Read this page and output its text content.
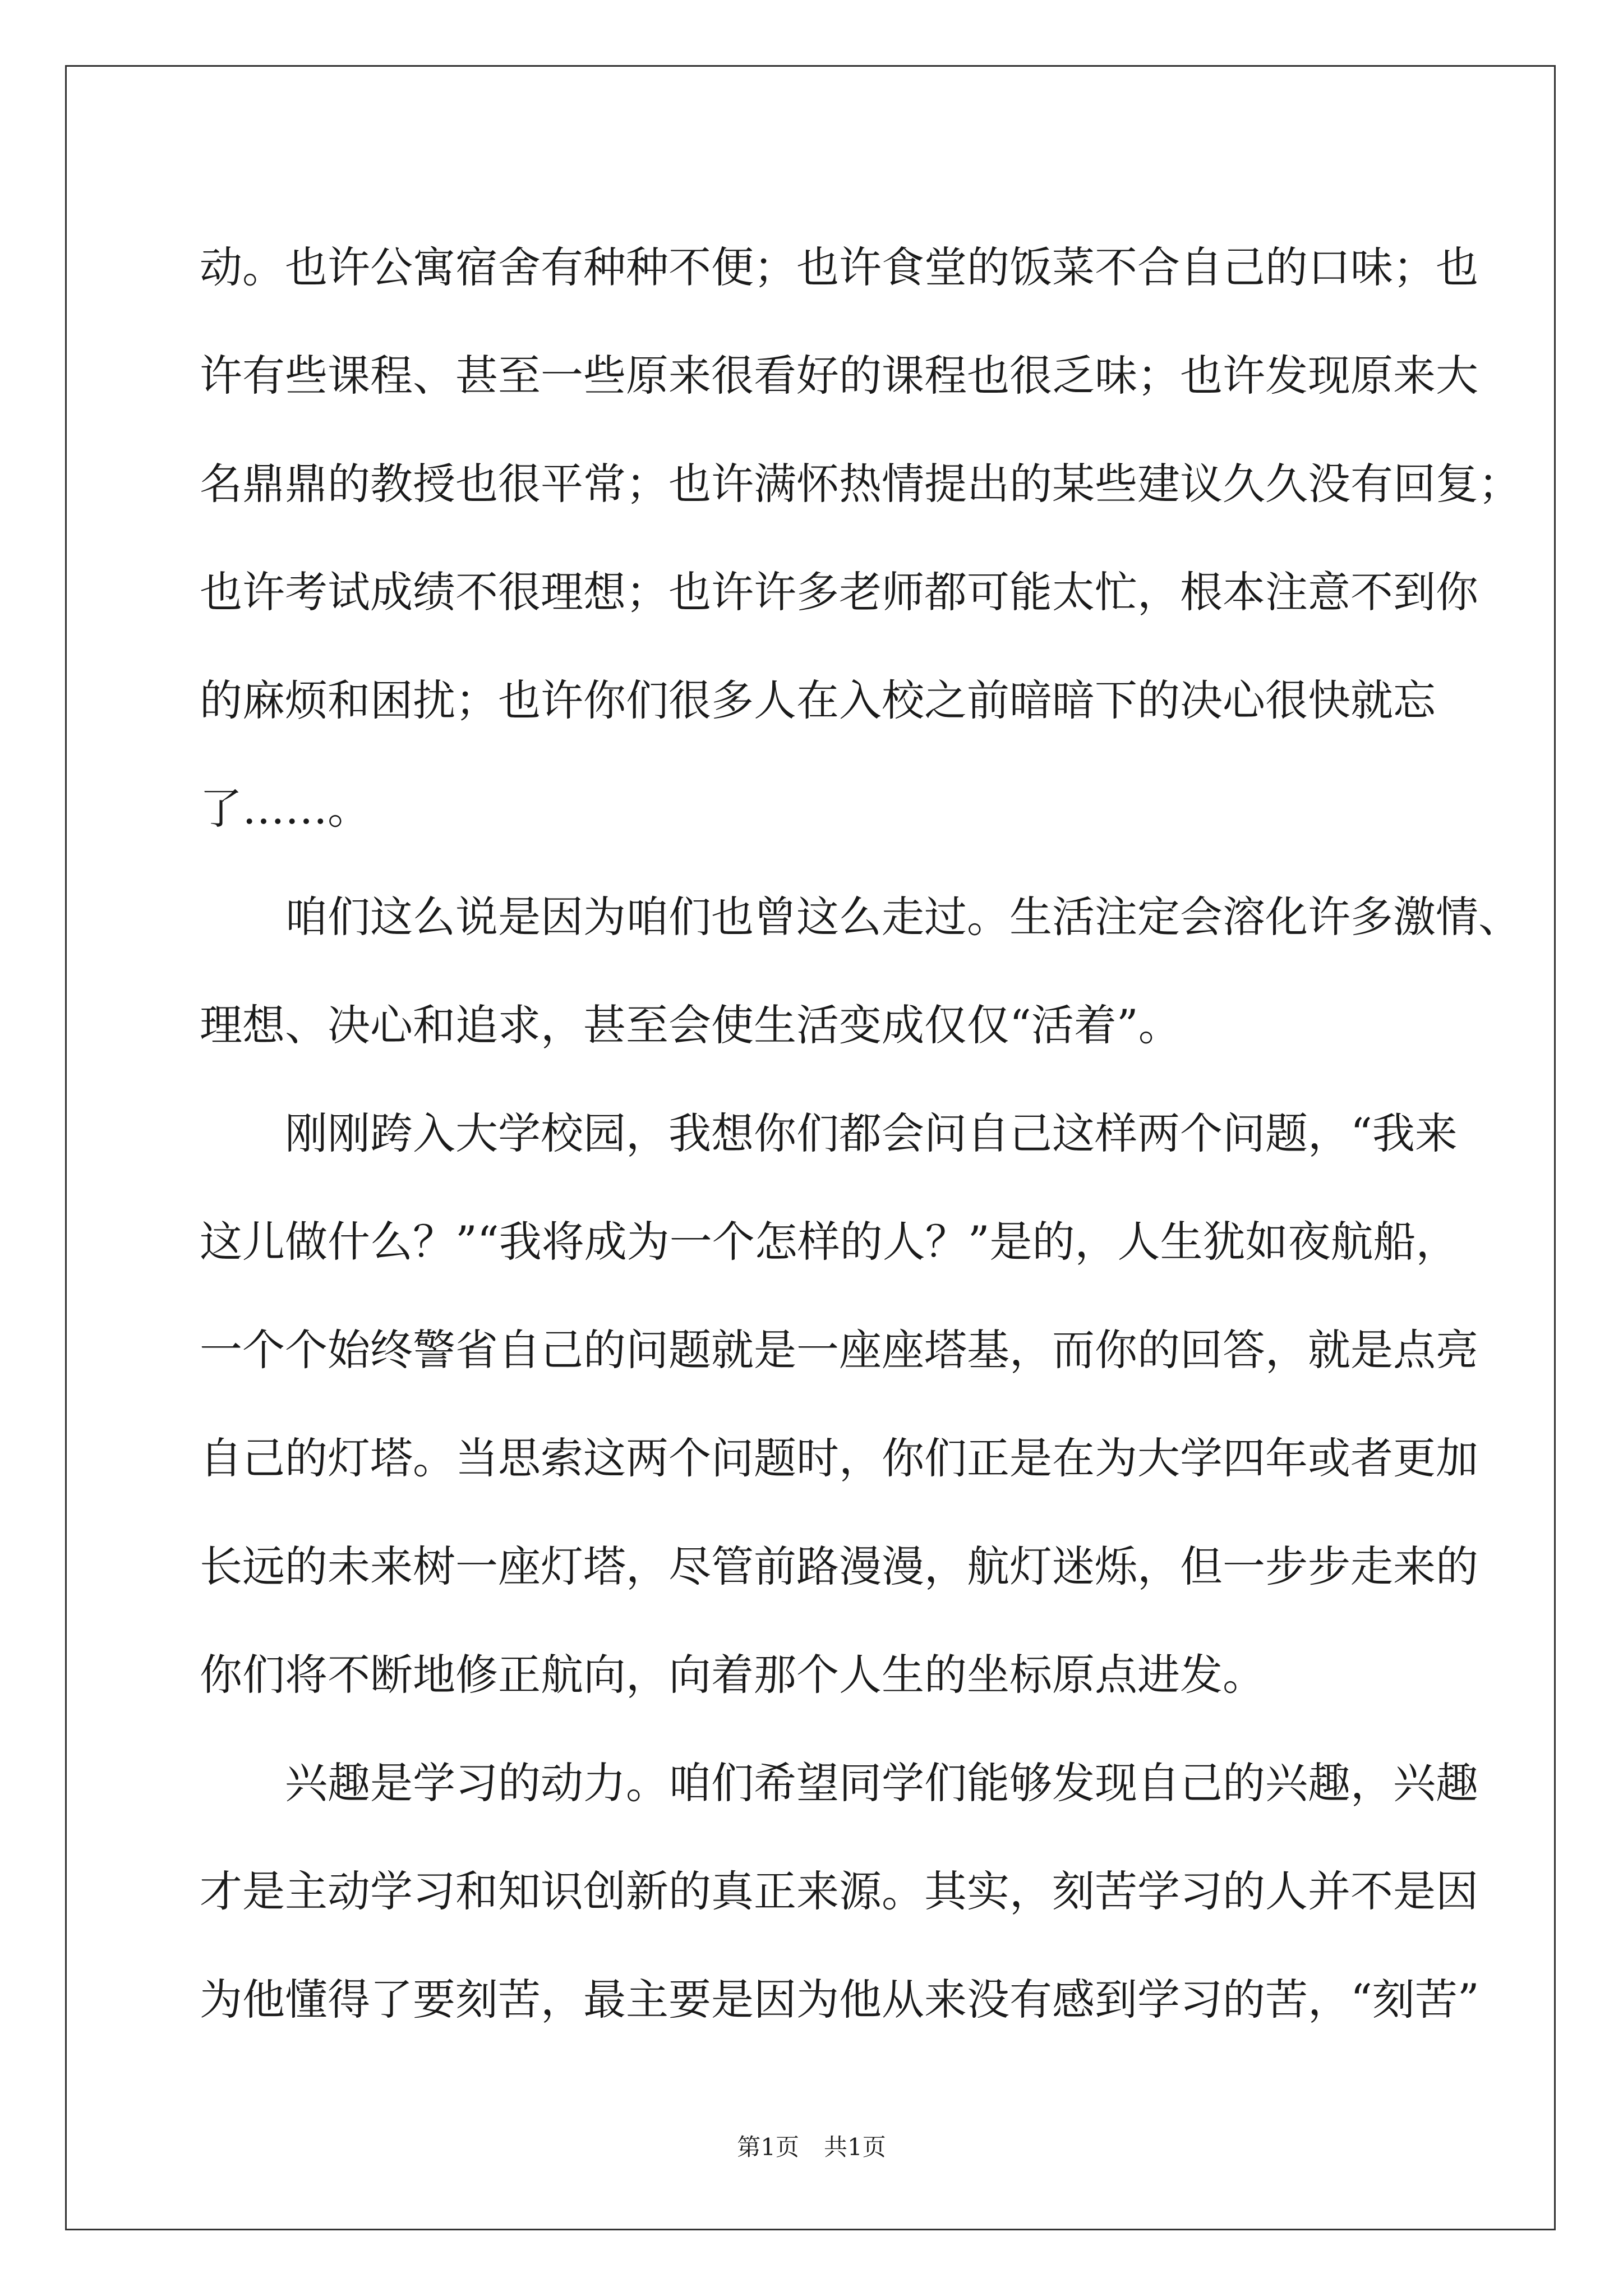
动。也许公寓宿舍有种种不便；也许食堂的饭菜不合自己的口味；也
许有些课程、甚至一些原来很看好的课程也很乏味；也许发现原来大
名鼎鼎的教授也很平常；也许满怀热情提出的某些建议久久没有回复；
也许考试成绩不很理想；也许许多老师都可能太忙，根本注意不到你
的麻烦和困扰；也许你们很多人在入校之前暗暗下的决心很快就忘
了……。
咱们这么说是因为咱们也曾这么走过。生活注定会溶化许多激情、
理想、决心和追求，甚至会使生活变成仅仅“活着”。
刚刚跨入大学校园，我想你们都会问自己这样两个问题，“我来
这儿做什么？”“我将成为一个怎样的人？”是的，人生犹如夜航船，
一个个始终警省自己的问题就是一座座塔基，而你的回答，就是点亮
自己的灯塔。当思索这两个问题时，你们正是在为大学四年或者更加
长远的未来树一座灯塔，尽管前路漫漫，航灯迷烁，但一步步走来的
你们将不断地修正航向，向着那个人生的坐标原点进发。
兴趣是学习的动力。咱们希望同学们能够发现自己的兴趣，兴趣
才是主动学习和知识创新的真正来源。其实，刻苦学习的人并不是因
为他懂得了要刻苦，最主要是因为他从来没有感到学习的苦，“刻苦”
第1页 共1页
